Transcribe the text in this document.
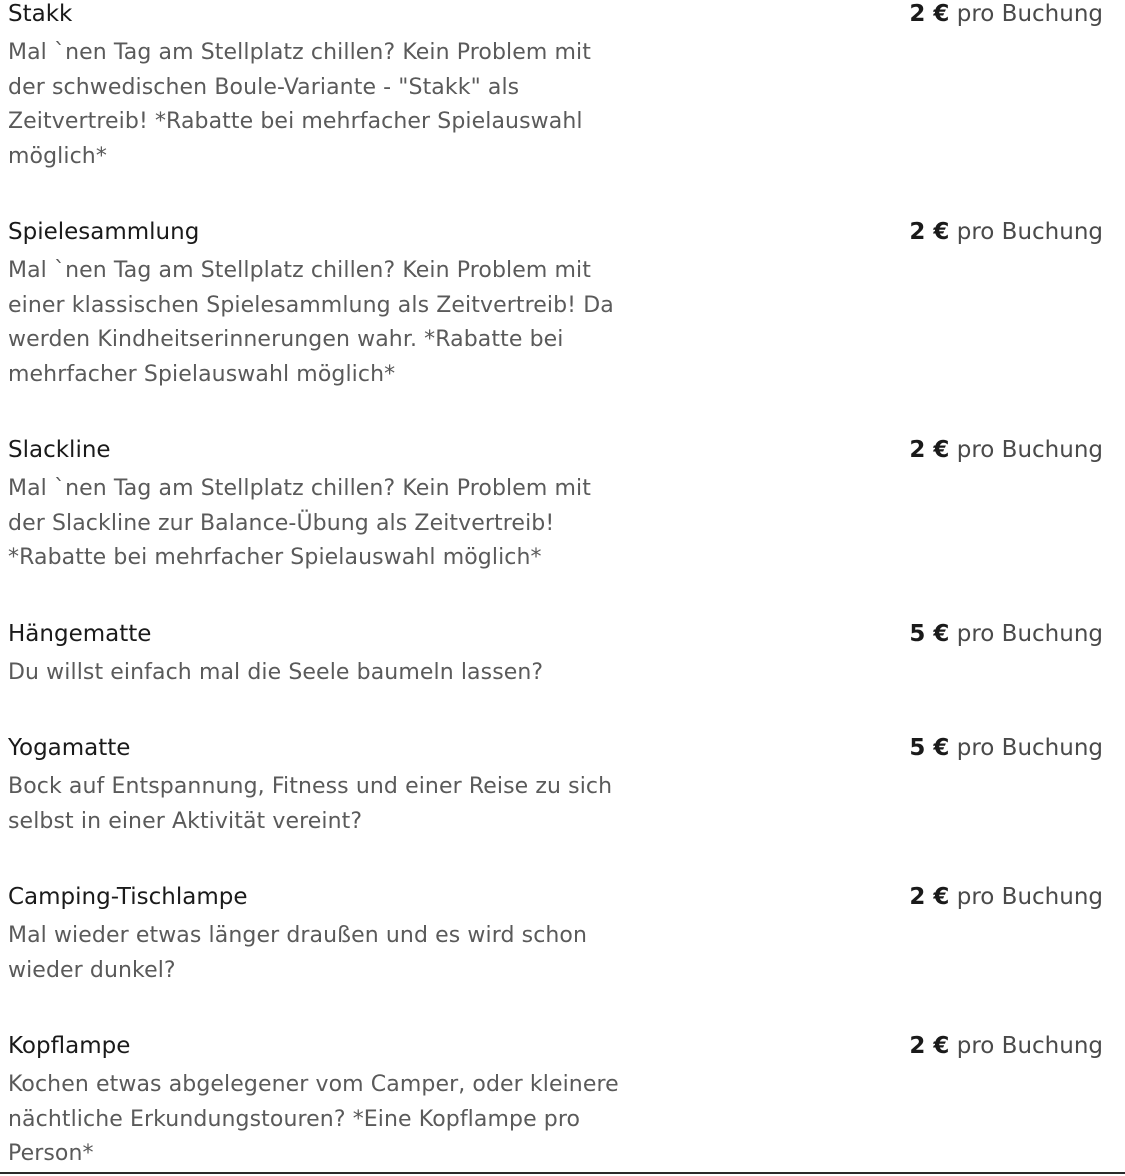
Stakk
Mal `nen Tag am Stellplatz chillen? Kein Problem mit der schwedischen Boule-Variante - "Stakk" als Zeitvertreib! *Rabatte bei mehrfacher Spielauswahl möglich*
2 € pro Buchung
Spielesammlung
Mal `nen Tag am Stellplatz chillen? Kein Problem mit einer klassischen Spielesammlung als Zeitvertreib! Da werden Kindheitserinnerungen wahr. *Rabatte bei mehrfacher Spielauswahl möglich*
2 € pro Buchung
Slackline
Mal `nen Tag am Stellplatz chillen? Kein Problem mit der Slackline zur Balance-Übung als Zeitvertreib! *Rabatte bei mehrfacher Spielauswahl möglich*
2 € pro Buchung
Hängematte
Du willst einfach mal die Seele baumeln lassen?
5 € pro Buchung
Yogamatte
Bock auf Entspannung, Fitness und einer Reise zu sich selbst in einer Aktivität vereint?
5 € pro Buchung
Camping-Tischlampe
Mal wieder etwas länger draußen und es wird schon wieder dunkel?
2 € pro Buchung
Kopflampe
Kochen etwas abgelegener vom Camper, oder kleinere nächtliche Erkundungstouren? *Eine Kopflampe pro Person*
2 € pro Buchung
